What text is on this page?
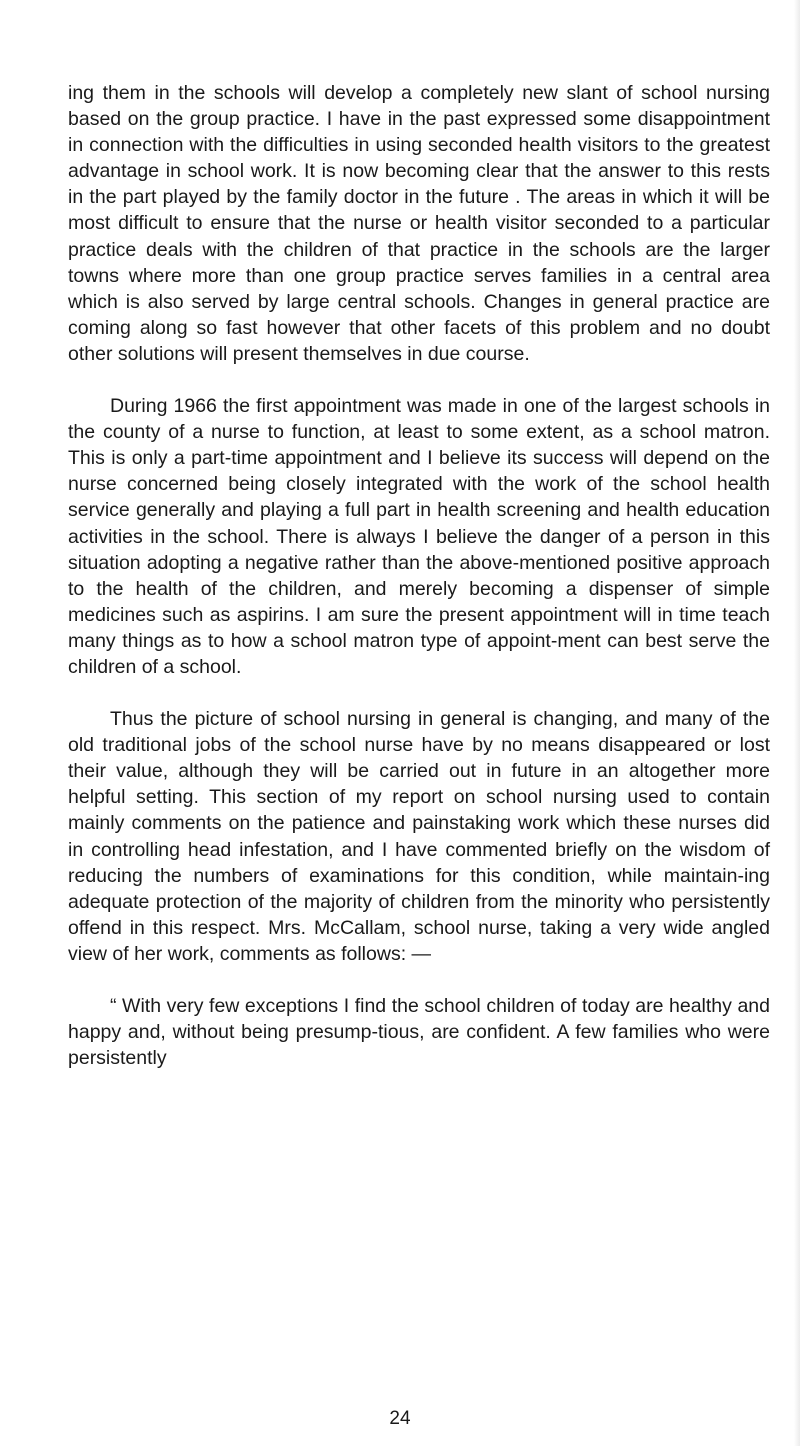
ing them in the schools will develop a completely new slant of school nursing based on the group practice. I have in the past expressed some disappointment in connection with the difficulties in using seconded health visitors to the greatest advantage in school work. It is now becoming clear that the answer to this rests in the part played by the family doctor in the future . The areas in which it will be most difficult to ensure that the nurse or health visitor seconded to a particular practice deals with the children of that practice in the schools are the larger towns where more than one group practice serves families in a central area which is also served by large central schools. Changes in general practice are coming along so fast however that other facets of this problem and no doubt other solutions will present themselves in due course.

During 1966 the first appointment was made in one of the largest schools in the county of a nurse to function, at least to some extent, as a school matron. This is only a part-time appointment and I believe its success will depend on the nurse concerned being closely integrated with the work of the school health service generally and playing a full part in health screening and health education activities in the school. There is always I believe the danger of a person in this situation adopting a negative rather than the above-mentioned positive approach to the health of the children, and merely becoming a dispenser of simple medicines such as aspirins. I am sure the present appointment will in time teach many things as to how a school matron type of appoint-ment can best serve the children of a school.

Thus the picture of school nursing in general is changing, and many of the old traditional jobs of the school nurse have by no means disappeared or lost their value, although they will be carried out in future in an altogether more helpful setting. This section of my report on school nursing used to contain mainly comments on the patience and painstaking work which these nurses did in controlling head infestation, and I have commented briefly on the wisdom of reducing the numbers of examinations for this condition, while maintain-ing adequate protection of the majority of children from the minority who persistently offend in this respect. Mrs. McCallam, school nurse, taking a very wide angled view of her work, comments as follows: —

“ With very few exceptions I find the school children of today are healthy and happy and, without being presump-tious, are confident. A few families who were persistently

24
